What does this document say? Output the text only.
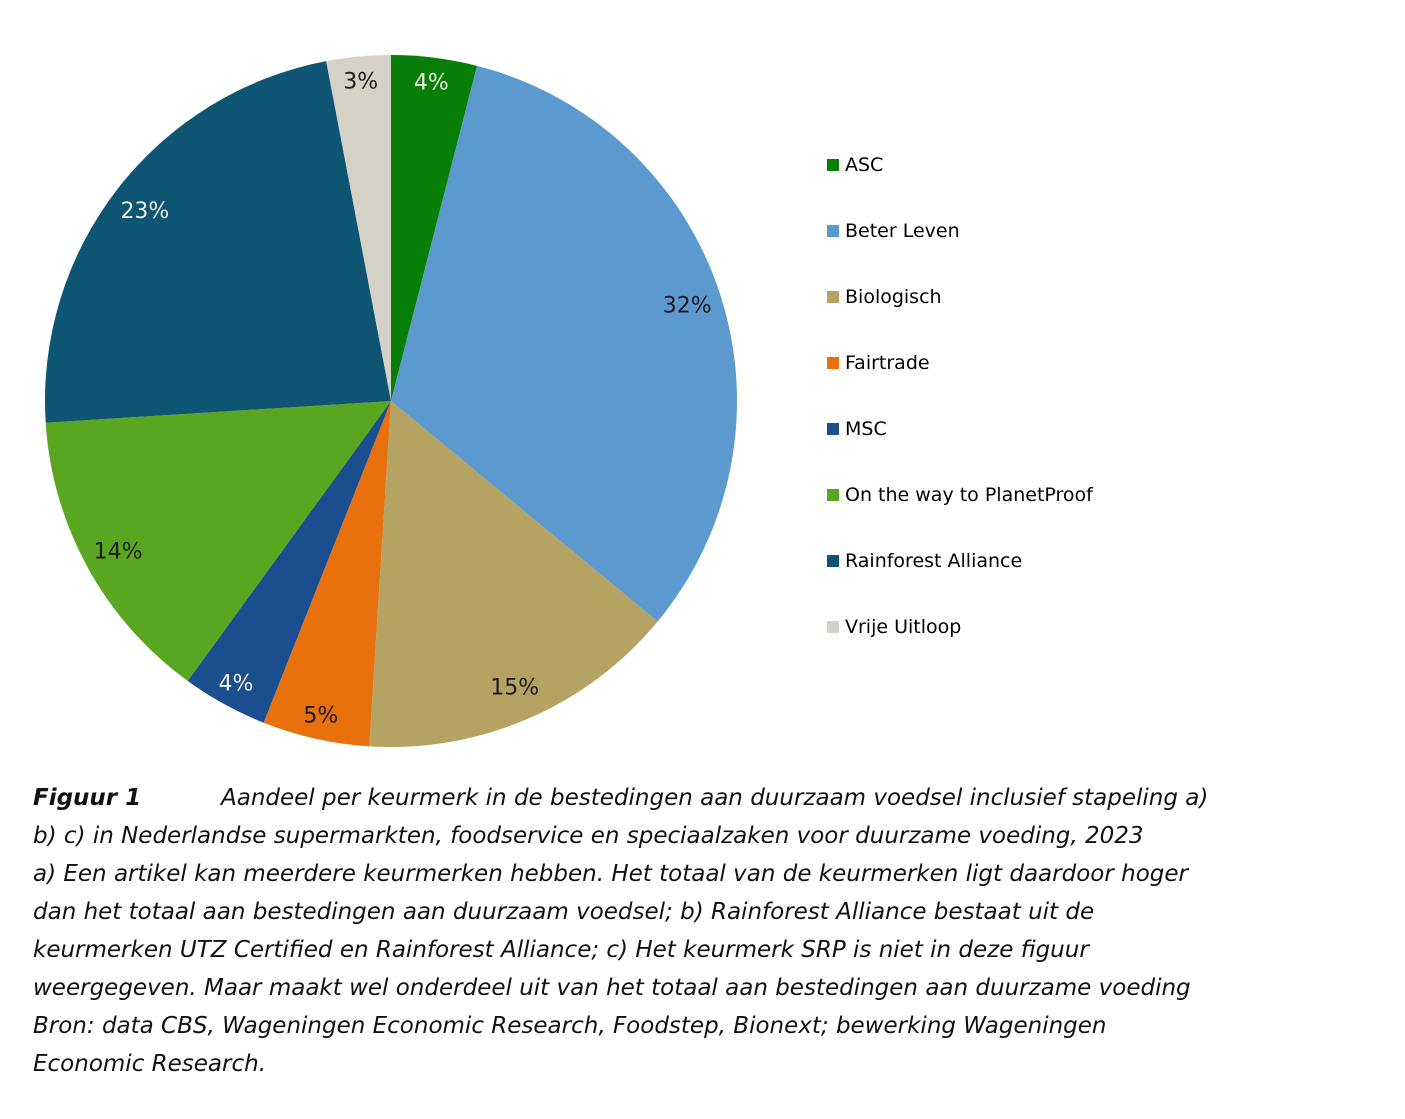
4%
32%
15%
5%
4%
14%
23%
3%
ASC
Beter Leven
Biologisch
Fairtrade
MSC
On the way to PlanetProof
Rainforest Alliance
Vrije Uitloop
Figuur 1	Aandeel per keurmerk in de bestedingen aan duurzaam voedsel inclusief stapeling a)
b) c) in Nederlandse supermarkten, foodservice en speciaalzaken voor duurzame voeding, 2023
a) Een artikel kan meerdere keurmerken hebben. Het totaal van de keurmerken ligt daardoor hoger
dan het totaal aan bestedingen aan duurzaam voedsel; b) Rainforest Alliance bestaat uit de
keurmerken UTZ Certified en Rainforest Alliance; c) Het keurmerk SRP is niet in deze figuur
weergegeven. Maar maakt wel onderdeel uit van het totaal aan bestedingen aan duurzame voeding
Bron: data CBS, Wageningen Economic Research, Foodstep, Bionext; bewerking Wageningen
Economic Research.
